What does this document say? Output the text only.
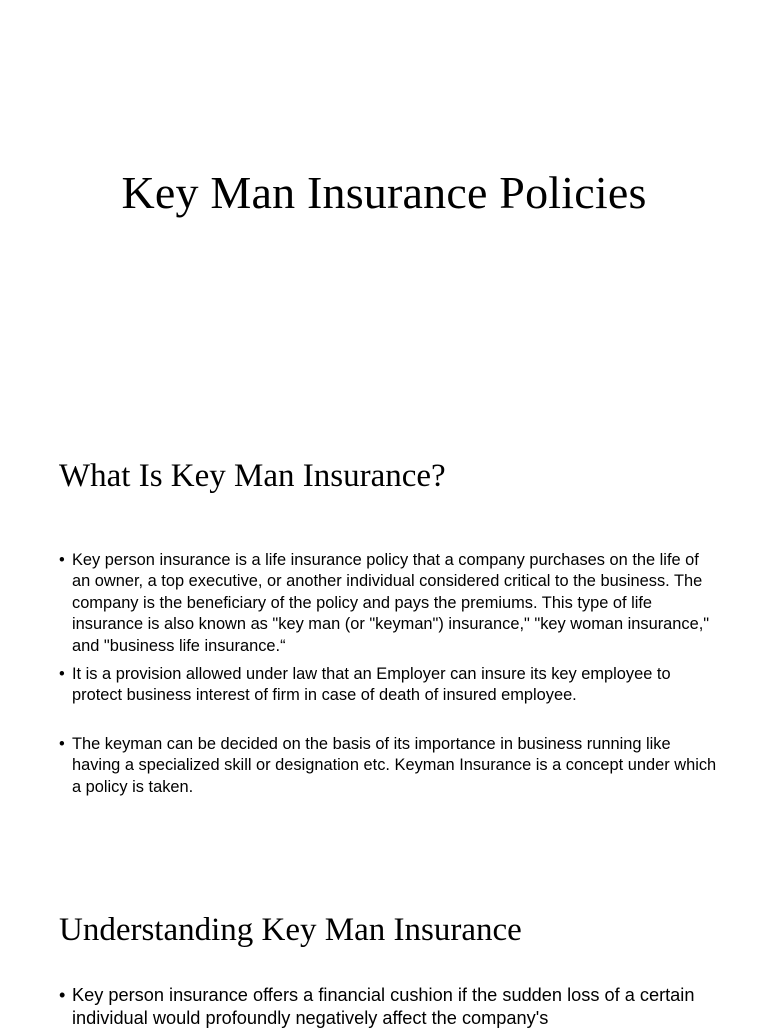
Key Man Insurance Policies
What Is Key Man Insurance?
• Key person insurance is a life insurance policy that a company purchases on the life of an owner, a top executive, or another individual considered critical to the business. The company is the beneficiary of the policy and pays the premiums. This type of life insurance is also known as "key man (or "keyman") insurance," "key woman insurance," and "business life insurance.“
• It is a provision allowed under law that an Employer can insure its key employee to protect business interest of firm in case of death of insured employee.
• The keyman can be decided on the basis of its importance in business running like having a specialized skill or designation etc. Keyman Insurance is a concept under which a policy is taken.
Understanding Key Man Insurance
• Key person insurance offers a financial cushion if the sudden loss of a certain individual would profoundly negatively affect the company's
